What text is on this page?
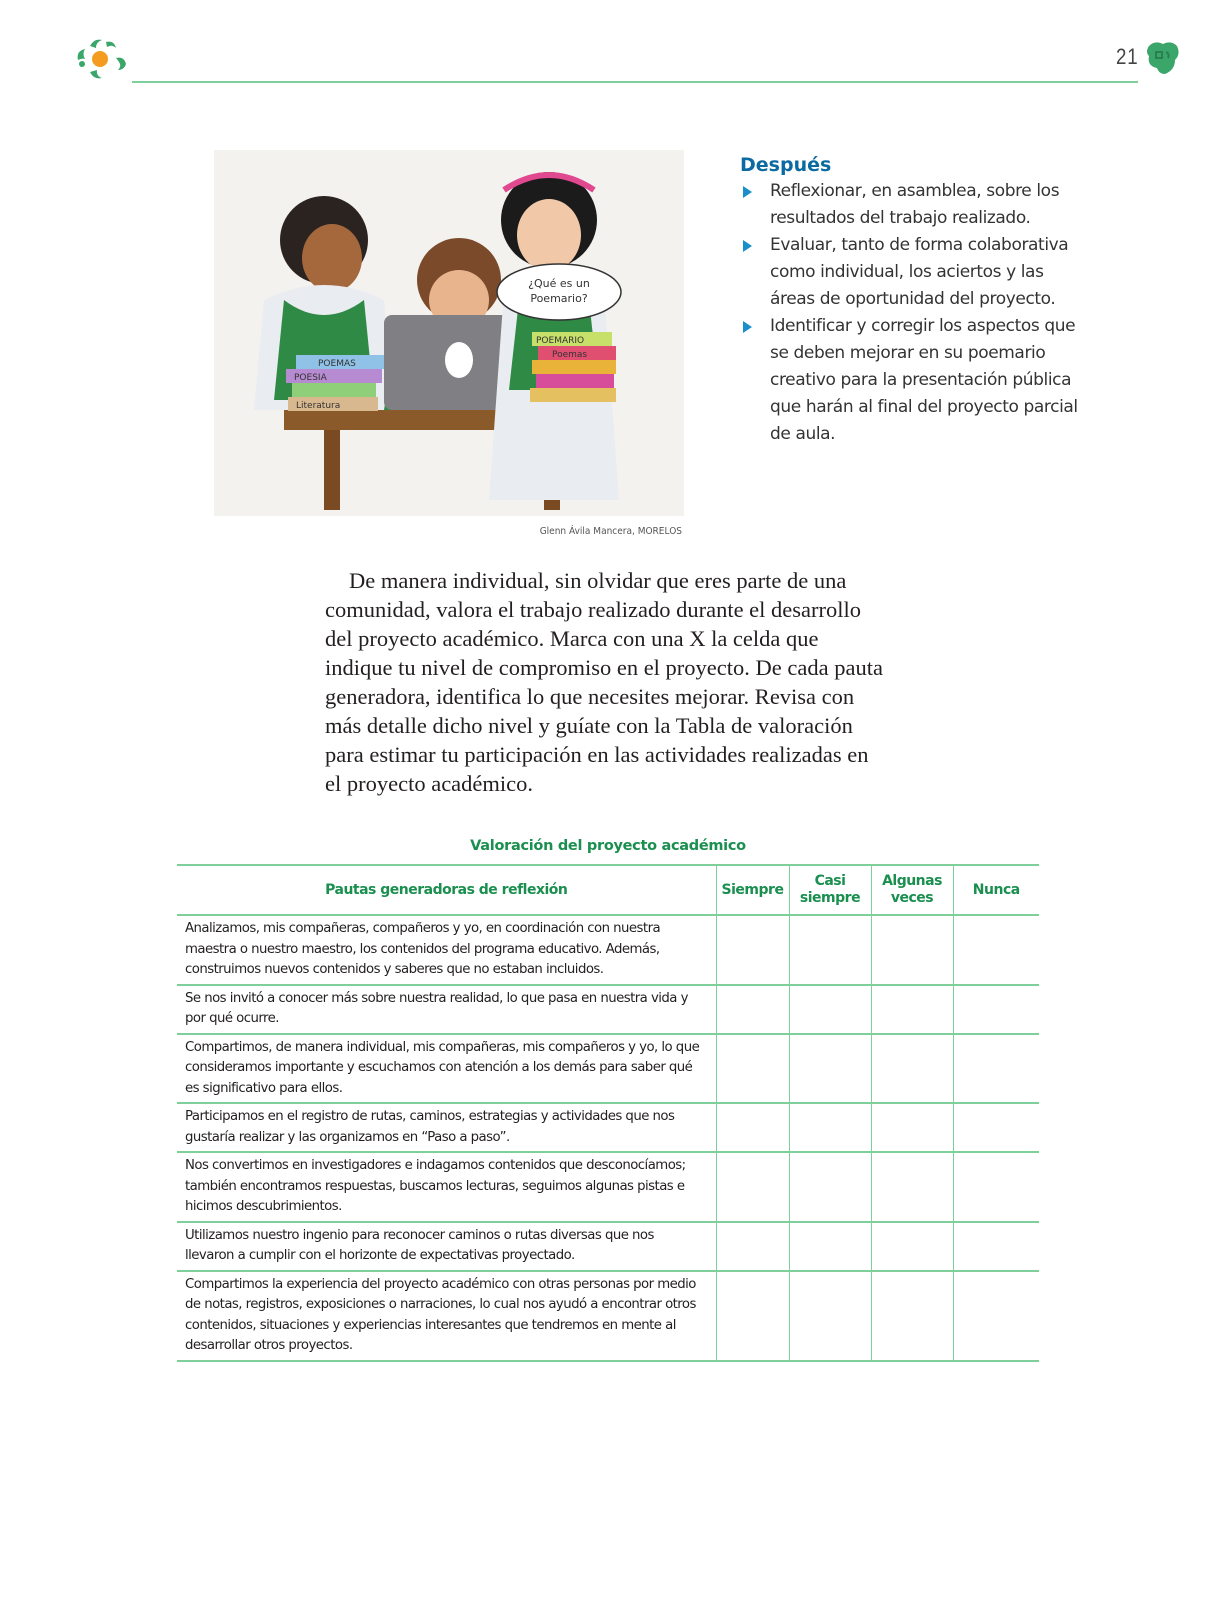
21
¿Qué es un
Poemario?
POEMAS
POESIA
Literatura
POEMARIO
Poemas
Glenn Ávila Mancera, MORELOS
Después
Reflexionar, en asamblea, sobre los resultados del trabajo realizado.
Evaluar, tanto de forma colaborativa como individual, los aciertos y las áreas de oportunidad del proyecto.
Identificar y corregir los aspectos que se deben mejorar en su poemario creativo para la presentación pública que harán al final del proyecto parcial de aula.

De manera individual, sin olvidar que eres parte de una comunidad, valora el trabajo realizado durante el desarrollo del proyecto académico. Marca con una X la celda que indique tu nivel de compromiso en el proyecto. De cada pauta generadora, identifica lo que necesites mejorar. Revisa con más detalle dicho nivel y guíate con la Tabla de valoración para estimar tu participación en las actividades realizadas en el proyecto académico.

Valoración del proyecto académico
Pautas generadoras de reflexión	Siempre	Casi siempre	Algunas veces	Nunca
Analizamos, mis compañeras, compañeros y yo, en coordinación con nuestra maestra o nuestro maestro, los contenidos del programa educativo. Además, construimos nuevos contenidos y saberes que no estaban incluidos.				
Se nos invitó a conocer más sobre nuestra realidad, lo que pasa en nuestra vida y por qué ocurre.				
Compartimos, de manera individual, mis compañeras, mis compañeros y yo, lo que consideramos importante y escuchamos con atención a los demás para saber qué es significativo para ellos.				
Participamos en el registro de rutas, caminos, estrategias y actividades que nos gustaría realizar y las organizamos en “Paso a paso”.				
Nos convertimos en investigadores e indagamos contenidos que desconocíamos; también encontramos respuestas, buscamos lecturas, seguimos algunas pistas e hicimos descubrimientos.				
Utilizamos nuestro ingenio para reconocer caminos o rutas diversas que nos llevaron a cumplir con el horizonte de expectativas proyectado.				
Compartimos la experiencia del proyecto académico con otras personas por medio de notas, registros, exposiciones o narraciones, lo cual nos ayudó a encontrar otros contenidos, situaciones y experiencias interesantes que tendremos en mente al desarrollar otros proyectos.				
